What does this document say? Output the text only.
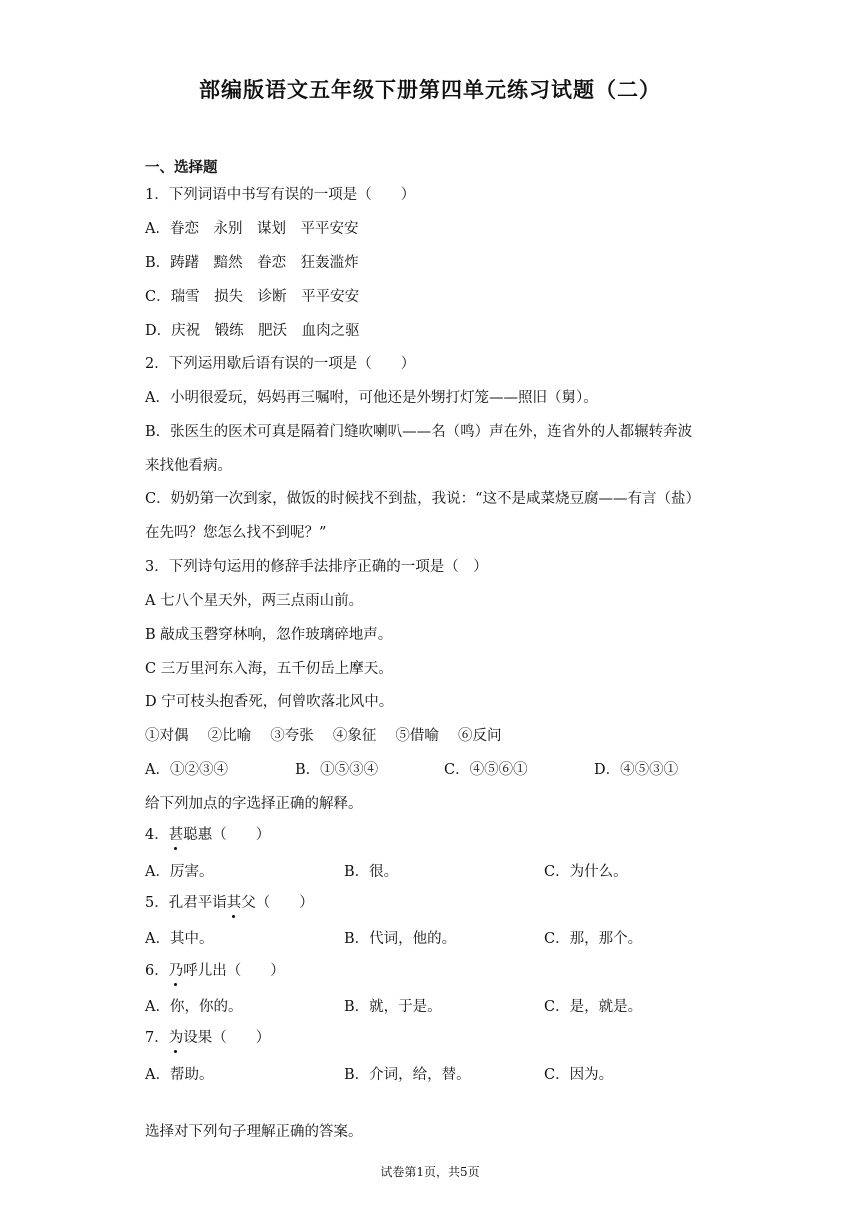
部编版语文五年级下册第四单元练习试题（二）
一、选择题
1．下列词语中书写有误的一项是（　　）
A．眷恋　永别　谋划　平平安安
B．踌躇　黯然　眷恋　狂轰滥炸
C．瑞雪　损失　诊断　平平安安
D．庆祝　锻练　肥沃　血肉之驱
2．下列运用歇后语有误的一项是（　　）
A．小明很爱玩，妈妈再三嘱咐，可他还是外甥打灯笼——照旧（舅）。
B．张医生的医术可真是隔着门缝吹喇叭——名（鸣）声在外，连省外的人都辗转奔波
来找他看病。
C．奶奶第一次到家，做饭的时候找不到盐，我说：“这不是咸菜烧豆腐——有言（盐）
在先吗？您怎么找不到呢？”
3．下列诗句运用的修辞手法排序正确的一项是（　）
A 七八个星天外，两三点雨山前。
B 敲成玉磬穿林响，忽作玻璃碎地声。
C 三万里河东入海，五千仞岳上摩天。
D 宁可枝头抱香死，何曾吹落北风中。
①对偶　 ②比喻　 ③夸张　 ④象征　 ⑤借喻　 ⑥反问
A．①②③④	B．①⑤③④	C．④⑤⑥①	D．④⑤③①
给下列加点的字选择正确的解释。
4．甚聪惠（　　）
A．厉害。	B．很。	C．为什么。
5．孔君平诣其父（　　）
A．其中。	B．代词，他的。	C．那，那个。
6．乃呼儿出（　　）
A．你，你的。	B．就，于是。	C．是，就是。
7．为设果（　　）
A．帮助。	B．介词，给，替。	C．因为。
选择对下列句子理解正确的答案。
试卷第1页，共5页
